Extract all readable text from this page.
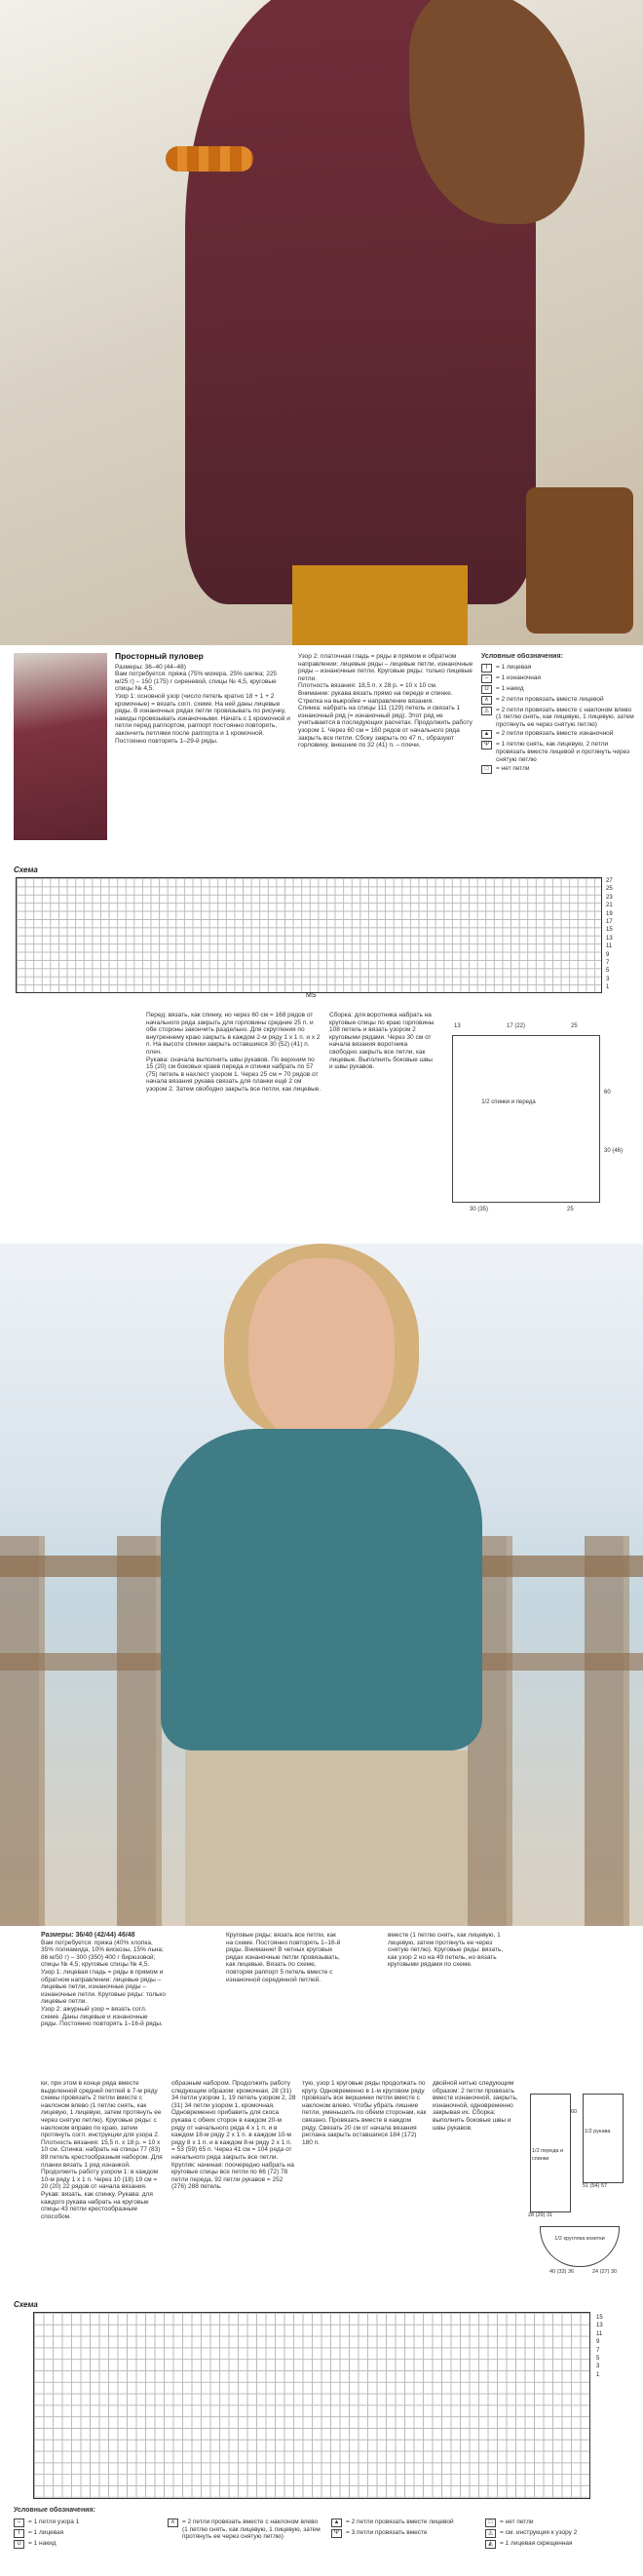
Просторный пуловер
Размеры: 36–40 (44–48)
Вам потребуется: пряжа (75% мохера, 25% шелка; 225 м/25 г) – 150 (175) г сиреневой, спицы № 4,5, круговые спицы № 4,5.
Узор 1: основной узор (число петель кратно 18 + 1 + 2 кромочные) = вязать согл. схеме. На ней даны лицевые ряды. В изнаночных рядах петли провязывать по рисунку, накиды провязывать изнаночными. Начать с 1 кромочной и петли перед раппортом, раппорт постоянно повторять, закончить петлями после раппорта и 1 кромочной. Постоянно повторять 1–29-й ряды.
Узор 2: платочная гладь = ряды в прямом и обратном направлении: лицевые ряды – лицевые петли, изнаночные ряды – изнаночные петли. Круговые ряды: только лицевые петли.
Плотность вязания: 18,5 п. x 28 р. = 10 x 10 см.
Внимание: рукава вязать прямо на переде и спинке. Стрелка на выкройке = направление вязания.
Спинка: набрать на спицы 111 (129) петель и связать 1 изнаночный ряд (= изнаночный ряд). Этот ряд не учитывается в последующих расчетах. Продолжить работу узором 1. Через 60 см = 160 рядов от начального ряда закрыть все петли. Сбоку закрыть по 47 п., образуют горловину, внешние по 32 (41) п. – плечи.
Условные обозначения:
I	= 1 лицевая
–	= 1 изнаночная
U	= 1 накид
∧	= 2 петли провязать вместе лицевой
◬	= 2 петли провязать вместе с наклоном влево (1 петлю снять, как лицевую, 1 лицевую, затем протянуть ее через снятую петлю)
▲	= 2 петли провязать вместе изнаночной
Ψ	= 1 петлю снять, как лицевую, 2 петли провязать вместе лицевой и протянуть через снятую петлю
□	= нет петли
Схема
27
25
23
21
19
17
15
13
11
9
7
5
3
1
MS
Перед: вязать, как спинку, но через 60 см = 168 рядов от начального ряда закрыть для горловины средние 25 п. и обе стороны закончить раздельно. Для скругления по внутреннему краю закрыть в каждом 2-м ряду 1 x 1 п. и x 2 п. На высоте спинки закрыть оставшиеся 30 (52) (41) п. плеч.
Рукава: сначала выполнить швы рукавов. По верхним по 15 (20) см боковых краев переда и спинки набрать по 57 (75) петель в нахлест узором 1. Через 25 см = 70 рядов от начала вязания рукава связать для планки ещё 2 см узором 2. Затем свободно закрыть все петли, как лицевые.
Сборка: для воротника набрать на круговые спицы по краю горловины 108 петель и вязать узором 2 круговыми рядами. Через 30 см от начала вязания воротника свободно закрыть все петли, как лицевые. Выполнить боковые швы и швы рукавов.
13	17 (22)	25
1/2 спинки и переда
60
30 (46)
30 (35)	25
Размеры: 36/40 (42/44) 46/48
Вам потребуется: пряжа (40% хлопка, 35% полиамида, 10% вискозы, 15% льна; 86 м/50 г) – 300 (350) 400 г бирюзовой; спицы № 4,5; круговые спицы № 4,5.
Узор 1: лицевая гладь = ряды в прямом и обратном направлении: лицевые ряды – лицевые петли, изнаночные ряды – изнаночные петли. Круговые ряды: только лицевые петли.
Узор 2: ажурный узор = вязать согл. схеме. Даны лицевые и изнаночные ряды. Постоянно повторять 1–16-й ряды.
Круговые ряды: вязать все петли, как на схеме. Постоянно повторять 1–16-й ряды. Внимание! В четных круговых рядах изнаночные петли провязывать, как лицевые. Вязать по схеме, повторяя раппорт 5 петель вместе с изнаночной серединной петлей.
вместе (1 петлю снять, как лицевую, 1 лицевую, затем протянуть ее через снятую петлю). Круговые ряды: вязать, как узор 2 но на 49 петель, но вязать круговыми рядами по схеме.
ки, при этом в конце ряда вместе выделенной средней петлей в 7-м ряду схемы провязать 2 петли вместе с наклоном влево (1 петлю снять, как лицевую, 1 лицевую, затем протянуть ее через снятую петлю). Круговые ряды: с наклоном вправо по краю, затем протянуть согл. инструкции для узора 2. Плотность вязания: 15,5 п. x 18 р. = 10 x 10 см. Спинка: набрать на спицы 77 (83) 89 петель крестообразным набором. Для планки вязать 1 ряд изнанкой. Продолжить работу узором 1: в каждом 10-м ряду 1 x 1 п. Через 10 (18) 19 см = 20 (20) 22 рядов от начала вязания. Рукав: вязать, как спинку. Рукава: для каждого рукава набрать на круговые спицы 43 петли крестообразным способом.
обраэным набором. Продолжить работу следующим образом: кромочная, 28 (31) 34 петли узором 1, 19 петель узором 2, 28 (31) 34 петли узором 1, кромочная. Одновременно прибавить для скоса рукава с обеих сторон в каждом 20-м ряду от начального ряда 4 x 1 п. и в каждом 18-м ряду 2 x 1 п. в каждом 10-м ряду 8 x 1 п. и в каждом 8-м ряду 2 x 1 п. = 53 (59) 65 п. Через 41 см = 104 ряда от начального ряда закрыть все петли. Кругляк: начиная: поочередно набрать на круговые спицы все петли по 66 (72) 78 петли переда, 92 петли рукавов = 252 (276) 288 петель.
тую, узор 1 круговые ряды продолжать по кругу. Одновременно в 1-м круговом ряду провязать все вершинки петли вместе с наклоном влево. Чтобы убрать лишние петли, уменьшить по обеим сторонам, как связано. Провязать вместе в каждом ряду. Связать 20 см от начала вязания реглана закрыть оставшиеся 184 (172) 180 п.
двойной нитью следующим образом: 2 петли провязать вместе изнаночной, закрыть, изнаночной, одновременно закрывая их. Сборка: выполнить боковые швы и швы рукавов.
1/2 переда и спинки
1/2 рукава
1/2 кругляка кокетки
28 (29) 31
60
51 (54) 57
40 (33) 36	24 (27) 30
Схема
15
13
11
9
7
5
3
1
Условные обозначения:
–	= 1 петля узора 1
I	= 1 лицевая
U	= 1 накид
∧	= 2 петли провязать вместе с наклоном влево (1 петлю снять, как лицевую, 1 лицевую, затем протянуть ее через снятую петлю)
▲	= 2 петли провязать вместе лицевой
Ψ	= 3 петли провязать вместе
□	= нет петли
◬	= см. инструкция к узору 2
◭	= 1 лицевая скрещенная
